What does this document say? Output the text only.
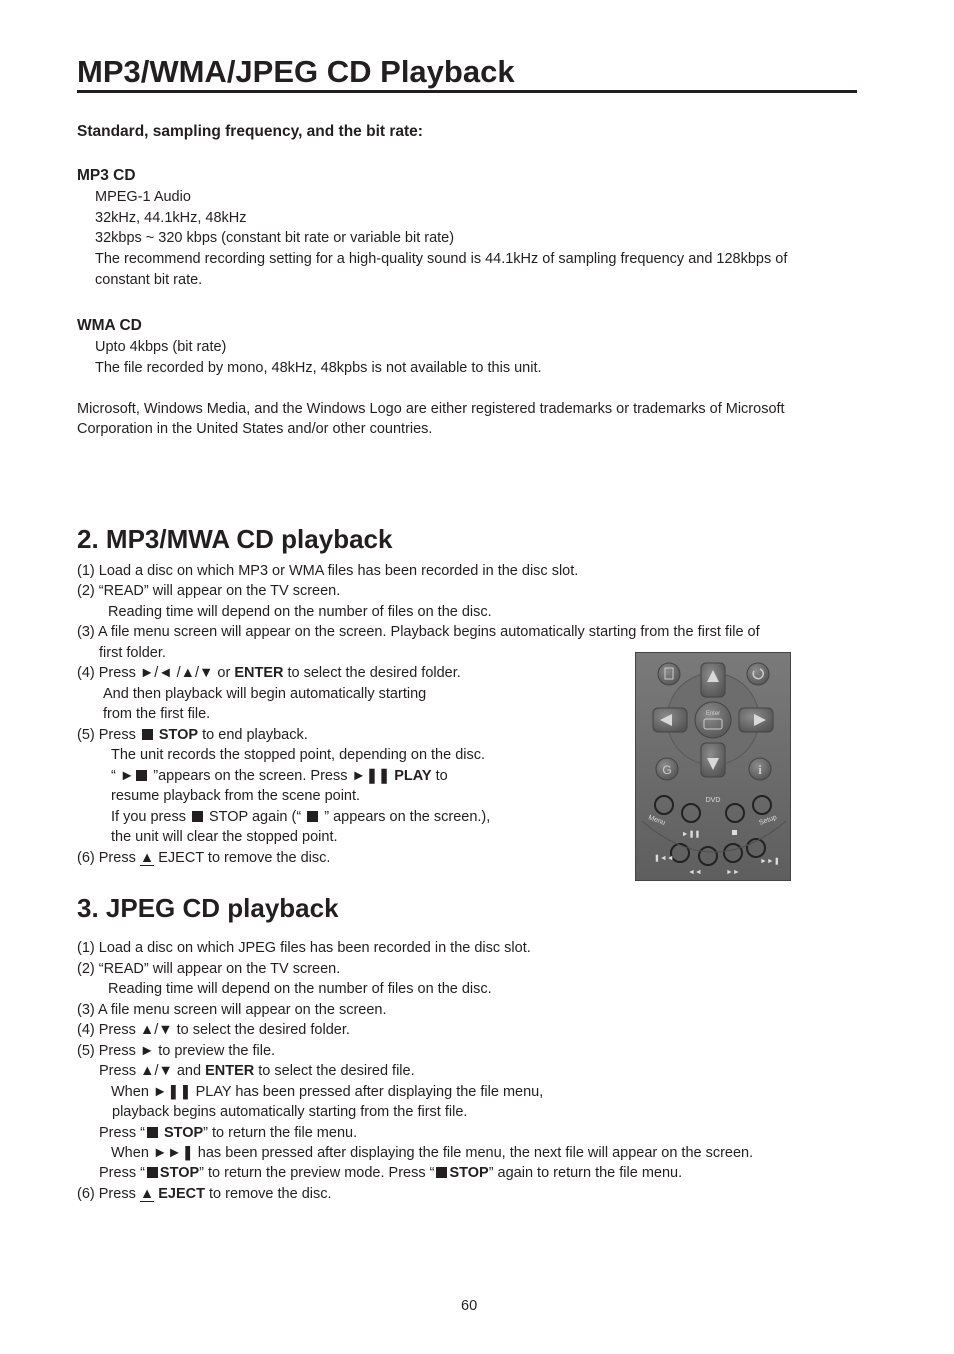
MP3/WMA/JPEG CD Playback
Standard, sampling frequency, and the bit rate:
MP3 CD
MPEG-1 Audio
32kHz, 44.1kHz, 48kHz
32kbps ~ 320 kbps (constant bit rate or variable bit rate)
The recommend recording setting for a high-quality sound is 44.1kHz of sampling frequency and 128kbps of
constant bit rate.
WMA CD
Upto 4kbps (bit rate)
The file recorded by mono, 48kHz, 48kpbs is not available to this unit.
Microsoft, Windows Media, and the Windows Logo are either registered trademarks or trademarks of Microsoft
Corporation in the United States and/or other countries.
2. MP3/MWA CD playback
(1) Load a disc on which MP3 or WMA files has been recorded in the disc slot.
(2) “READ” will appear on the TV screen.
Reading time will depend on the number of files on the disc.
(3) A file menu screen will appear on the screen. Playback begins automatically starting from the first file of
first folder.
(4) Press ►/◄ /▲/▼ or ENTER to select the desired folder.
And then playback will begin automatically starting
from the first file.
(5) Press STOP to end playback.
The unit records the stopped point, depending on the disc.
“ ► ”appears on the screen. Press ►❚❚ PLAY to
resume playback from the scene point.
If you press  STOP again (“  ” appears on the screen.),
the unit will clear the stopped point.
(6) Press ▲ EJECT to remove the disc.
Enter
G	i
DVD
Menu	Setup
►❚❚
❚◄◄
◄◄	►►
►►❚
3. JPEG CD playback
(1) Load a disc on which JPEG files has been recorded in the disc slot.
(2) “READ” will appear on the TV screen.
Reading time will depend on the number of files on the disc.
(3) A file menu screen will appear on the screen.
(4) Press ▲/▼ to select the desired folder.
(5) Press ► to preview the file.
Press ▲/▼ and ENTER to select the desired file.
When ►❚❚ PLAY has been pressed after displaying the file menu,
playback begins automatically starting from the first file.
Press “ STOP” to return the file menu.
When ►►❚ has been pressed after displaying the file menu, the next file will appear on the screen.
Press “ STOP” to return the preview mode. Press “ STOP” again to return the file menu.
(6) Press ▲ EJECT to remove the disc.
60
